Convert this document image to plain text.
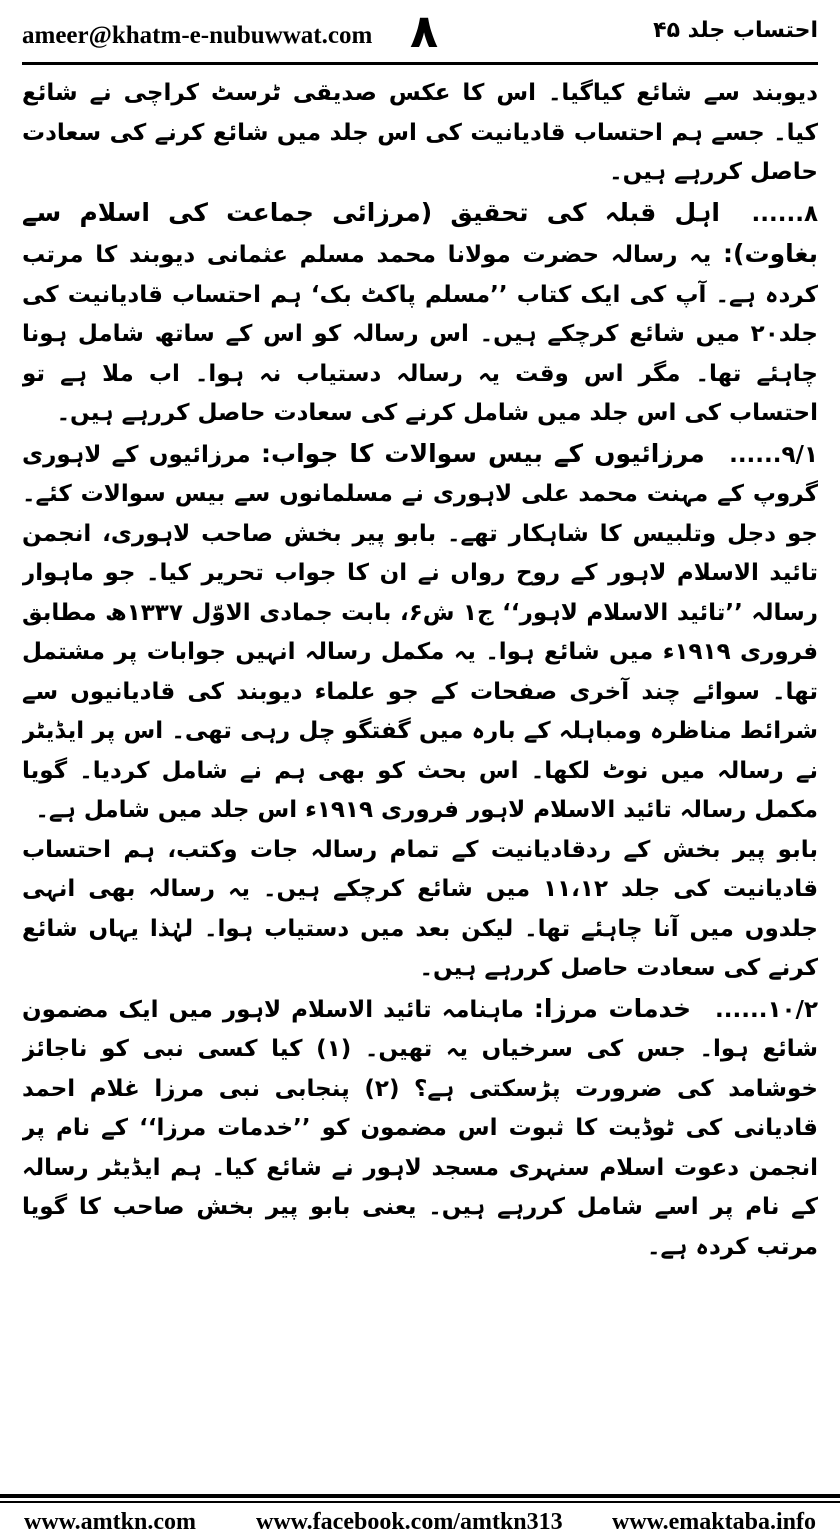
ameer@khatm-e-nubuwwat.com ۸	احتساب جلد ۴۵

دیوبند سے شائع کیاگیا۔ اس کا عکس صدیقی ٹرسٹ کراچی نے شائع کیا۔ جسے ہم احتساب قادیانیت کی اس جلد میں شائع کرنے کی سعادت حاصل کررہے ہیں۔

۸...... اہل قبلہ کی تحقیق (مرزائی جماعت کی اسلام سے بغاوت): یہ رسالہ حضرت مولانا محمد مسلم عثمانی دیوبند کا مرتب کردہ ہے۔ آپ کی ایک کتاب ’’مسلم پاکٹ بک‘ ہم احتساب قادیانیت کی جلد۲۰ میں شائع کرچکے ہیں۔ اس رسالہ کو اس کے ساتھ شامل ہونا چاہئے تھا۔ مگر اس وقت یہ رسالہ دستیاب نہ ہوا۔ اب ملا ہے تو احتساب کی اس جلد میں شامل کرنے کی سعادت حاصل کررہے ہیں۔

۹/۱...... مرزائیوں کے بیس سوالات کا جواب: مرزائیوں کے لاہوری گروپ کے مہنت محمد علی لاہوری نے مسلمانوں سے بیس سوالات کئے۔ جو دجل وتلبیس کا شاہکار تھے۔ بابو پیر بخش صاحب لاہوری، انجمن تائید الاسلام لاہور کے روح رواں نے ان کا جواب تحریر کیا۔ جو ماہوار رسالہ ’’تائید الاسلام لاہور‘‘ ج۱ ش۶، بابت جمادی الاوّل ۱۳۳۷ھ مطابق فروری ۱۹۱۹ء میں شائع ہوا۔ یہ مکمل رسالہ انہیں جوابات پر مشتمل تھا۔ سوائے چند آخری صفحات کے جو علماء دیوبند کی قادیانیوں سے شرائط مناظرہ ومباہلہ کے بارہ میں گفتگو چل رہی تھی۔ اس پر ایڈیٹر نے رسالہ میں نوٹ لکھا۔ اس بحث کو بھی ہم نے شامل کردیا۔ گویا مکمل رسالہ تائید الاسلام لاہور فروری ۱۹۱۹ء اس جلد میں شامل ہے۔

بابو پیر بخش کے ردقادیانیت کے تمام رسالہ جات وکتب، ہم احتساب قادیانیت کی جلد ۱۱،۱۲ میں شائع کرچکے ہیں۔ یہ رسالہ بھی انہی جلدوں میں آنا چاہئے تھا۔ لیکن بعد میں دستیاب ہوا۔ لہٰذا یہاں شائع کرنے کی سعادت حاصل کررہے ہیں۔

۱۰/۲...... خدمات مرزا: ماہنامہ تائید الاسلام لاہور میں ایک مضمون شائع ہوا۔ جس کی سرخیاں یہ تھیں۔ (۱) کیا کسی نبی کو ناجائز خوشامد کی ضرورت پڑسکتی ہے؟ (۲) پنجابی نبی مرزا غلام احمد قادیانی کی ٹوڈیت کا ثبوت اس مضمون کو ’’خدمات مرزا‘‘ کے نام پر انجمن دعوت اسلام سنہری مسجد لاہور نے شائع کیا۔ ہم ایڈیٹر رسالہ کے نام پر اسے شامل کررہے ہیں۔ یعنی بابو پیر بخش صاحب کا گویا مرتب کردہ ہے۔

www.amtkn.com	www.facebook.com/amtkn313 www.emaktaba.info
